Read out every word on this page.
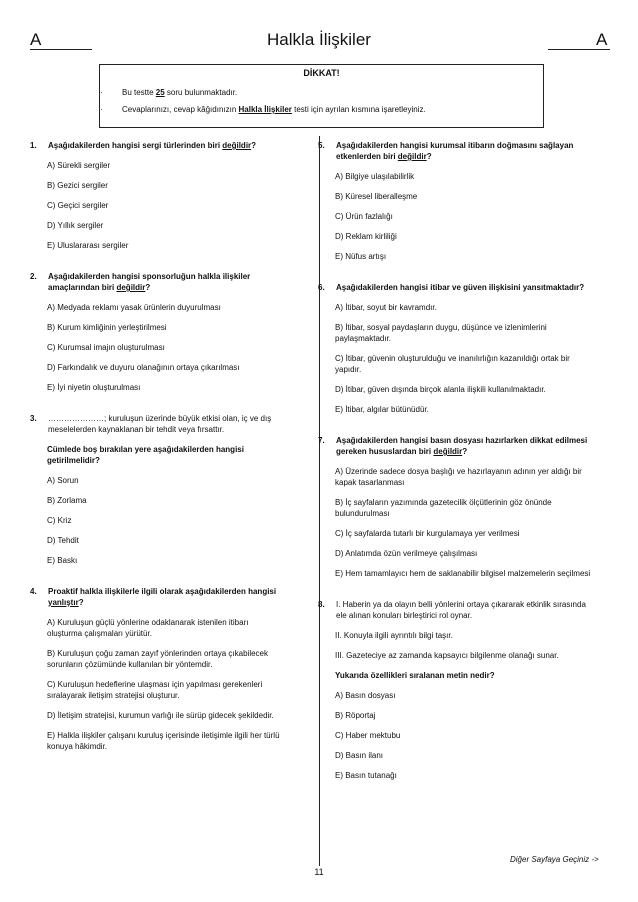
A	Halkla İlişkiler	A
DİKKAT!
· Bu testte 25 soru bulunmaktadır.
· Cevaplarınızı, cevap kâğıdınızın Halkla İlişkiler testi için ayrılan kısmına işaretleyiniz.
1. Aşağıdakilerden hangisi sergi türlerinden biri değildir?
A) Sürekli sergiler
B) Gezici sergiler
C) Geçici sergiler
D) Yıllık sergiler
E) Uluslararası sergiler
2. Aşağıdakilerden hangisi sponsorluğun halkla ilişkiler amaçlarından biri değildir?
A) Medyada reklamı yasak ürünlerin duyurulması
B) Kurum kimliğinin yerleştirilmesi
C) Kurumsal imajın oluşturulması
D) Farkındalık ve duyuru olanağının ortaya çıkarılması
E) İyi niyetin oluşturulması
3. …………………; kuruluşun üzerinde büyük etkisi olan, iç ve dış meselelerden kaynaklanan bir tehdit veya fırsattır.
Cümlede boş bırakılan yere aşağıdakilerden hangisi getirilmelidir?
A) Sorun
B) Zorlama
C) Kriz
D) Tehdit
E) Baskı
4. Proaktif halkla ilişkilerle ilgili olarak aşağıdakilerden hangisi yanlıştır?
A) Kuruluşun güçlü yönlerine odaklanarak istenilen itibarı oluşturma çalışmaları yürütür.
B) Kuruluşun çoğu zaman zayıf yönlerinden ortaya çıkabilecek sorunların çözümünde kullanılan bir yöntemdir.
C) Kuruluşun hedeflerine ulaşması için yapılması gerekenleri sıralayarak iletişim stratejisi oluşturur.
D) İletişim stratejisi, kurumun varlığı ile sürüp gidecek şekildedir.
E) Halkla ilişkiler çalışanı kuruluş içerisinde iletişimle ilgili her türlü konuya hâkimdir.
5. Aşağıdakilerden hangisi kurumsal itibarın doğmasını sağlayan etkenlerden biri değildir?
A) Bilgiye ulaşılabilirlik
B) Küresel liberalleşme
C) Ürün fazlalığı
D) Reklam kirliliği
E) Nüfus artışı
6. Aşağıdakilerden hangisi itibar ve güven ilişkisini yansıtmaktadır?
A) İtibar, soyut bir kavramdır.
B) İtibar, sosyal paydaşların duygu, düşünce ve izlenimlerini paylaşmaktadır.
C) İtibar, güvenin oluşturulduğu ve inanılırlığın kazanıldığı ortak bir yapıdır.
D) İtibar, güven dışında birçok alanla ilişkili kullanılmaktadır.
E) İtibar, algılar bütünüdür.
7. Aşağıdakilerden hangisi basın dosyası hazırlarken dikkat edilmesi gereken hususlardan biri değildir?
A) Üzerinde sadece dosya başlığı ve hazırlayanın adının yer aldığı bir kapak tasarlanması
B) İç sayfaların yazımında gazetecilik ölçütlerinin göz önünde bulundurulması
C) İç sayfalarda tutarlı bir kurgulamaya yer verilmesi
D) Anlatımda özün verilmeye çalışılması
E) Hem tamamlayıcı hem de saklanabilir bilgisel malzemelerin seçilmesi
8. I. Haberin ya da olayın belli yönlerini ortaya çıkararak etkinlik sırasında ele alınan konuları birleştirici rol oynar.
II. Konuyla ilgili ayrıntılı bilgi taşır.
III. Gazeteciye az zamanda kapsayıcı bilgilenme olanağı sunar.
Yukarıda özellikleri sıralanan metin nedir?
A) Basın dosyası
B) Röportaj
C) Haber mektubu
D) Basın ilanı
E) Basın tutanağı
Diğer Sayfaya Geçiniz ->
11
